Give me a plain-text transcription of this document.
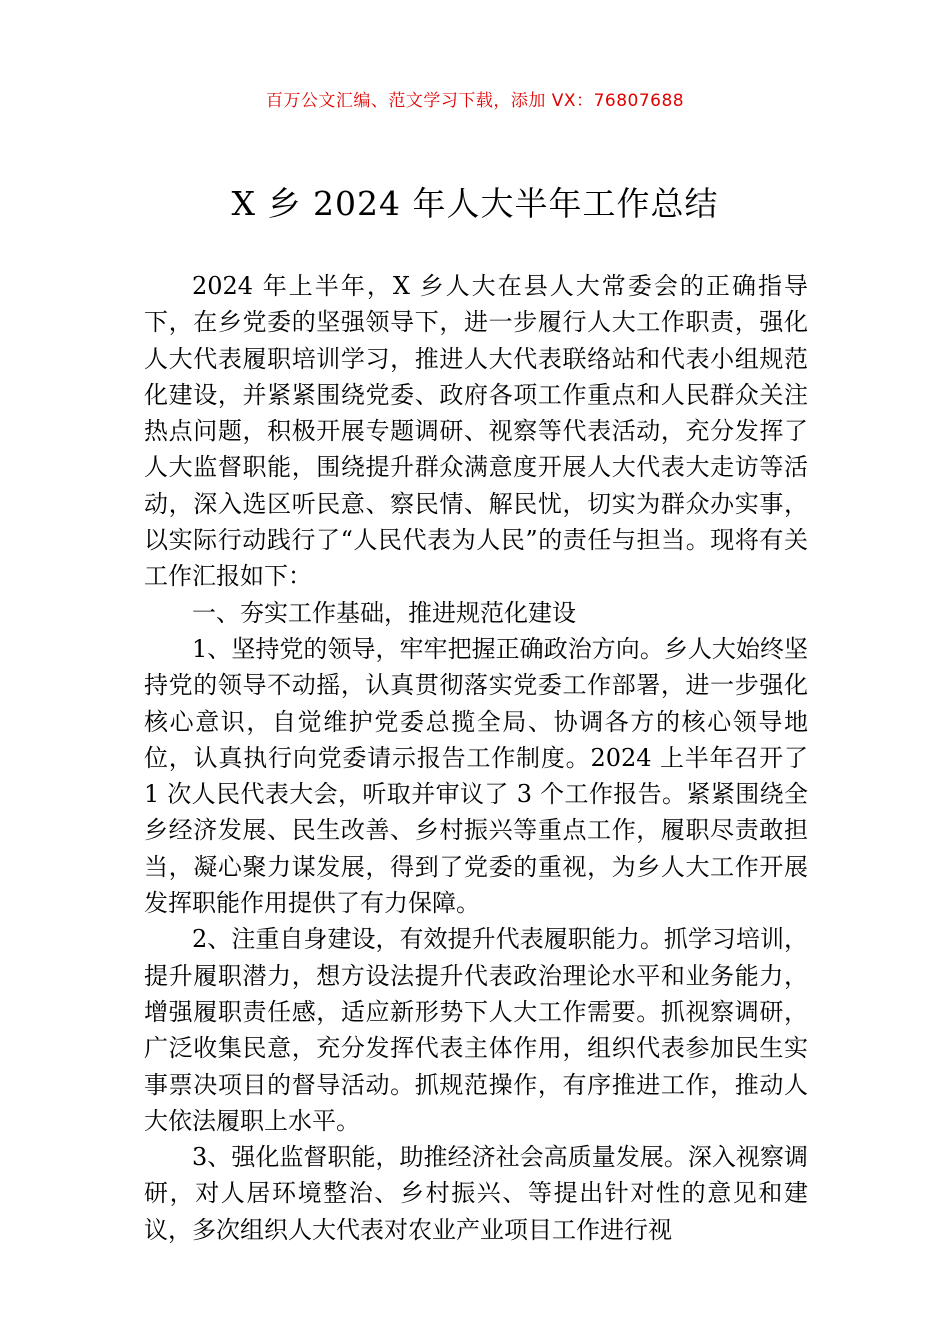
百万公文汇编、范文学习下载，添加 VX：76807688
X 乡 2024 年人大半年工作总结

2024 年上半年，X 乡人大在县人大常委会的正确指导下，在乡党委的坚强领导下，进一步履行人大工作职责，强化人大代表履职培训学习，推进人大代表联络站和代表小组规范化建设，并紧紧围绕党委、政府各项工作重点和人民群众关注热点问题，积极开展专题调研、视察等代表活动，充分发挥了人大监督职能，围绕提升群众满意度开展人大代表大走访等活动，深入选区听民意、察民情、解民忧，切实为群众办实事，以实际行动践行了“人民代表为人民”的责任与担当。现将有关工作汇报如下：

一、夯实工作基础，推进规范化建设

1、坚持党的领导，牢牢把握正确政治方向。乡人大始终坚持党的领导不动摇，认真贯彻落实党委工作部署，进一步强化核心意识，自觉维护党委总揽全局、协调各方的核心领导地位，认真执行向党委请示报告工作制度。2024 上半年召开了 1 次人民代表大会，听取并审议了 3 个工作报告。紧紧围绕全乡经济发展、民生改善、乡村振兴等重点工作，履职尽责敢担当，凝心聚力谋发展，得到了党委的重视，为乡人大工作开展发挥职能作用提供了有力保障。

2、注重自身建设，有效提升代表履职能力。抓学习培训，提升履职潜力，想方设法提升代表政治理论水平和业务能力，增强履职责任感，适应新形势下人大工作需要。抓视察调研，广泛收集民意，充分发挥代表主体作用，组织代表参加民生实事票决项目的督导活动。抓规范操作，有序推进工作，推动人大依法履职上水平。

3、强化监督职能，助推经济社会高质量发展。深入视察调研，对人居环境整治、乡村振兴、等提出针对性的意见和建议，多次组织人大代表对农业产业项目工作进行视
